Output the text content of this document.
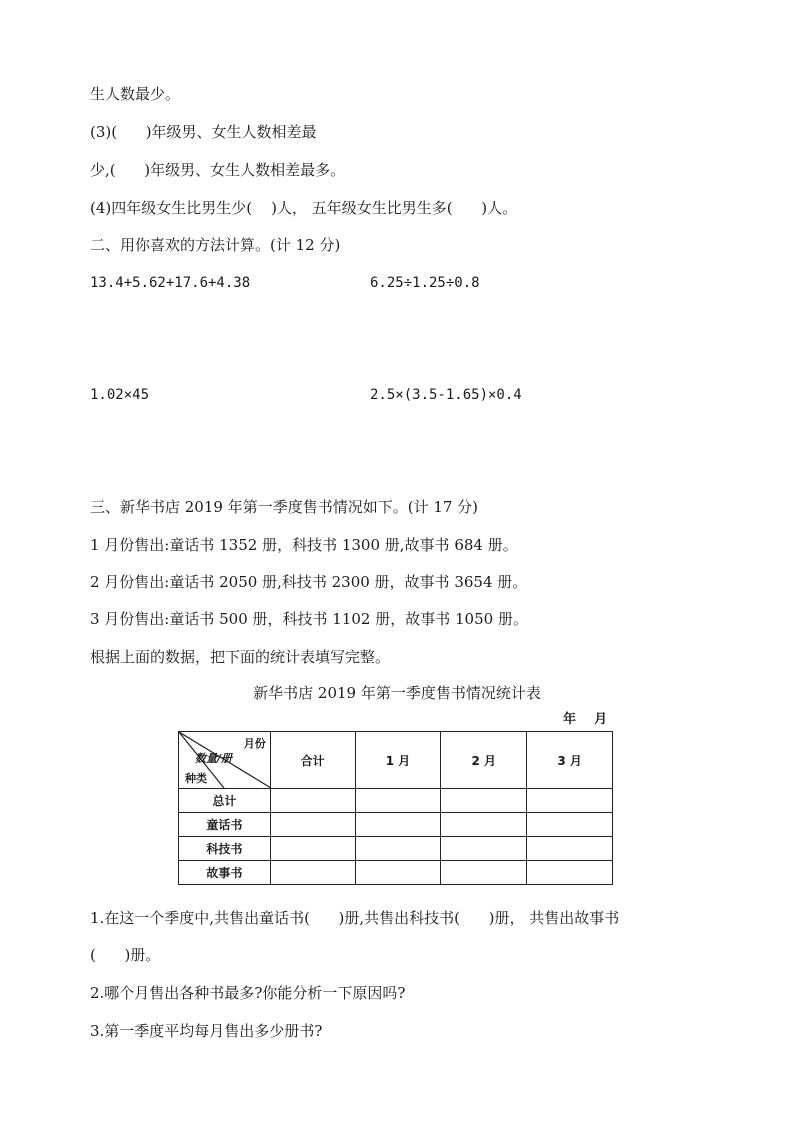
生人数最少。
(3)(      )年级男、女生人数相差最
少,(      )年级男、女生人数相差最多。
(4)四年级女生比男生少(    )人， 五年级女生比男生多(      )人。
二、用你喜欢的方法计算。(计 12 分)
13.4+5.62+17.6+4.38	6.25÷1.25÷0.8
1.02×45	2.5×(3.5-1.65)×0.4
三、新华书店 2019 年第一季度售书情况如下。(计 17 分)
1 月份售出:童话书 1352 册，科技书 1300 册,故事书 684 册。
2 月份售出:童话书 2050 册,科技书 2300 册，故事书 3654 册。
3 月份售出:童话书 500 册，科技书 1102 册，故事书 1050 册。
根据上面的数据，把下面的统计表填写完整。
新华书店 2019 年第一季度售书情况统计表
年    月
月份
数量/册
种类	合计	1 月	2 月	3 月
总计				
童话书				
科技书				
故事书				
1.在这一个季度中,共售出童话书(      )册,共售出科技书(      )册， 共售出故事书
(      )册。
2.哪个月售出各种书最多?你能分析一下原因吗?
3.第一季度平均每月售出多少册书?
